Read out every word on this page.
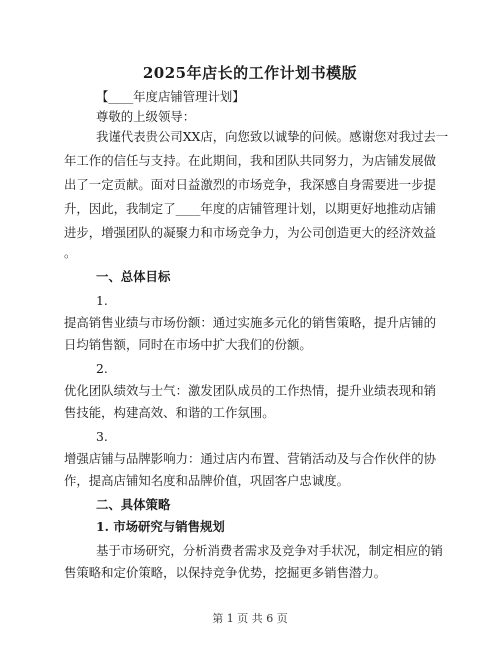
2025年店长的工作计划书模版
【____年度店铺管理计划】
尊敬的上级领导：
我谨代表贵公司XX店，向您致以诚挚的问候。感谢您对我过去一
年工作的信任与支持。在此期间，我和团队共同努力，为店铺发展做
出了一定贡献。面对日益激烈的市场竞争，我深感自身需要进一步提
升，因此，我制定了____年度的店铺管理计划，以期更好地推动店铺
进步，增强团队的凝聚力和市场竞争力，为公司创造更大的经济效益
。
一、总体目标
1.
提高销售业绩与市场份额：通过实施多元化的销售策略，提升店铺的
日均销售额，同时在市场中扩大我们的份额。
2.
优化团队绩效与士气：激发团队成员的工作热情，提升业绩表现和销
售技能，构建高效、和谐的工作氛围。
3.
增强店铺与品牌影响力：通过店内布置、营销活动及与合作伙伴的协
作，提高店铺知名度和品牌价值，巩固客户忠诚度。
二、具体策略
1. 市场研究与销售规划
基于市场研究，分析消费者需求及竞争对手状况，制定相应的销
售策略和定价策略，以保持竞争优势，挖掘更多销售潜力。
第 1 页 共 6 页
